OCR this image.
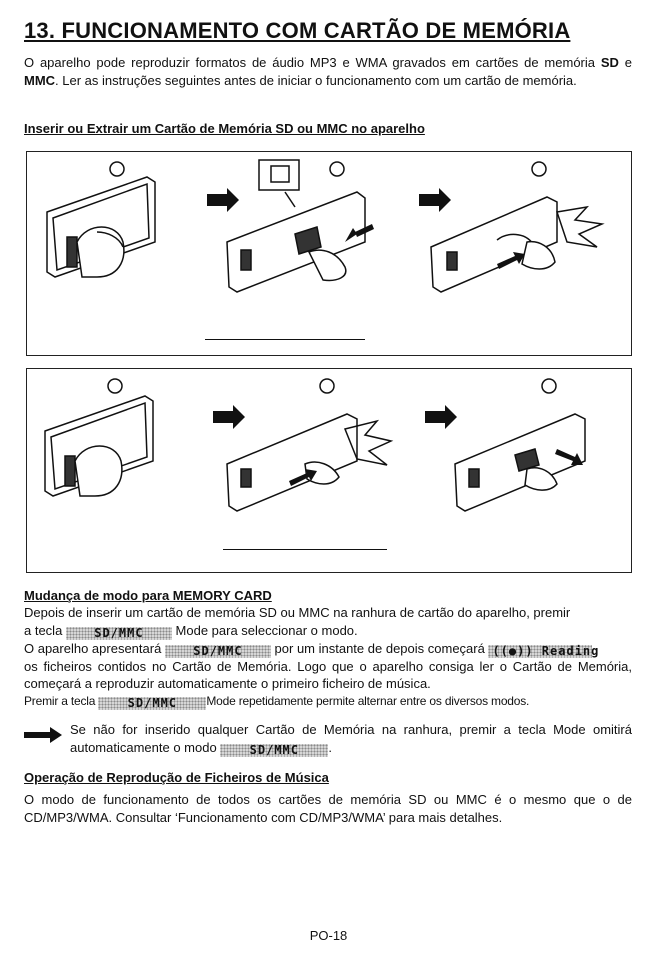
13. FUNCIONAMENTO COM CARTÃO DE MEMÓRIA
O aparelho pode reproduzir formatos de áudio MP3 e WMA gravados em cartões de memória SD e MMC. Ler as instruções seguintes antes de iniciar o funcionamento com um cartão de memória.
Inserir ou Extrair um Cartão de Memória SD ou MMC no aparelho
Mudança de modo para MEMORY CARD

Depois de inserir um cartão de memória SD ou MMC na ranhura de cartão do aparelho, premir

a tecla SD/MMC Mode para seleccionar o modo.

O aparelho apresentará SD/MMC por um instante de depois começará ((●)) Reading

os ficheiros contidos no Cartão de Memória. Logo que o aparelho consiga ler o Cartão de Memória, começará a reproduzir automaticamente o primeiro ficheiro de música.

Premir a tecla SD/MMC Mode repetidamente permite alternar entre os diversos modos.

Se não for inserido qualquer Cartão de Memória na ranhura, premir a tecla Mode omitirá automaticamente o modo SD/MMC .
Operação de Reprodução de Ficheiros de Música
O modo de funcionamento de todos os cartões de memória SD ou MMC é o mesmo que o de CD/MP3/WMA. Consultar ‘Funcionamento com CD/MP3/WMA’ para mais detalhes.
PO-18
